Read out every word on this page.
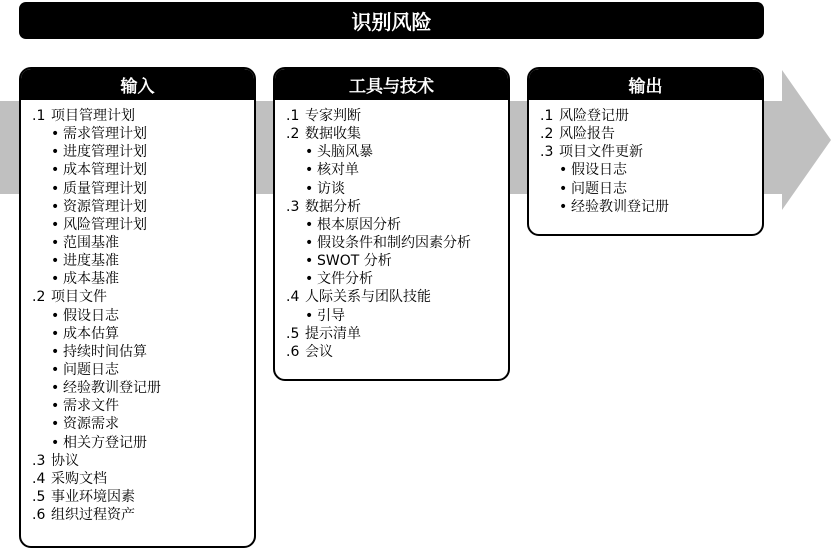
识别风险
输入
.1 项目管理计划
• 需求管理计划
• 进度管理计划
• 成本管理计划
• 质量管理计划
• 资源管理计划
• 风险管理计划
• 范围基准
• 进度基准
• 成本基准
.2 项目文件
• 假设日志
• 成本估算
• 持续时间估算
• 问题日志
• 经验教训登记册
• 需求文件
• 资源需求
• 相关方登记册
.3 协议
.4 采购文档
.5 事业环境因素
.6 组织过程资产
工具与技术
.1 专家判断
.2 数据收集
• 头脑风暴
• 核对单
• 访谈
.3 数据分析
• 根本原因分析
• 假设条件和制约因素分析
• SWOT 分析
• 文件分析
.4 人际关系与团队技能
• 引导
.5 提示清单
.6 会议
输出
.1 风险登记册
.2 风险报告
.3 项目文件更新
• 假设日志
• 问题日志
• 经验教训登记册
